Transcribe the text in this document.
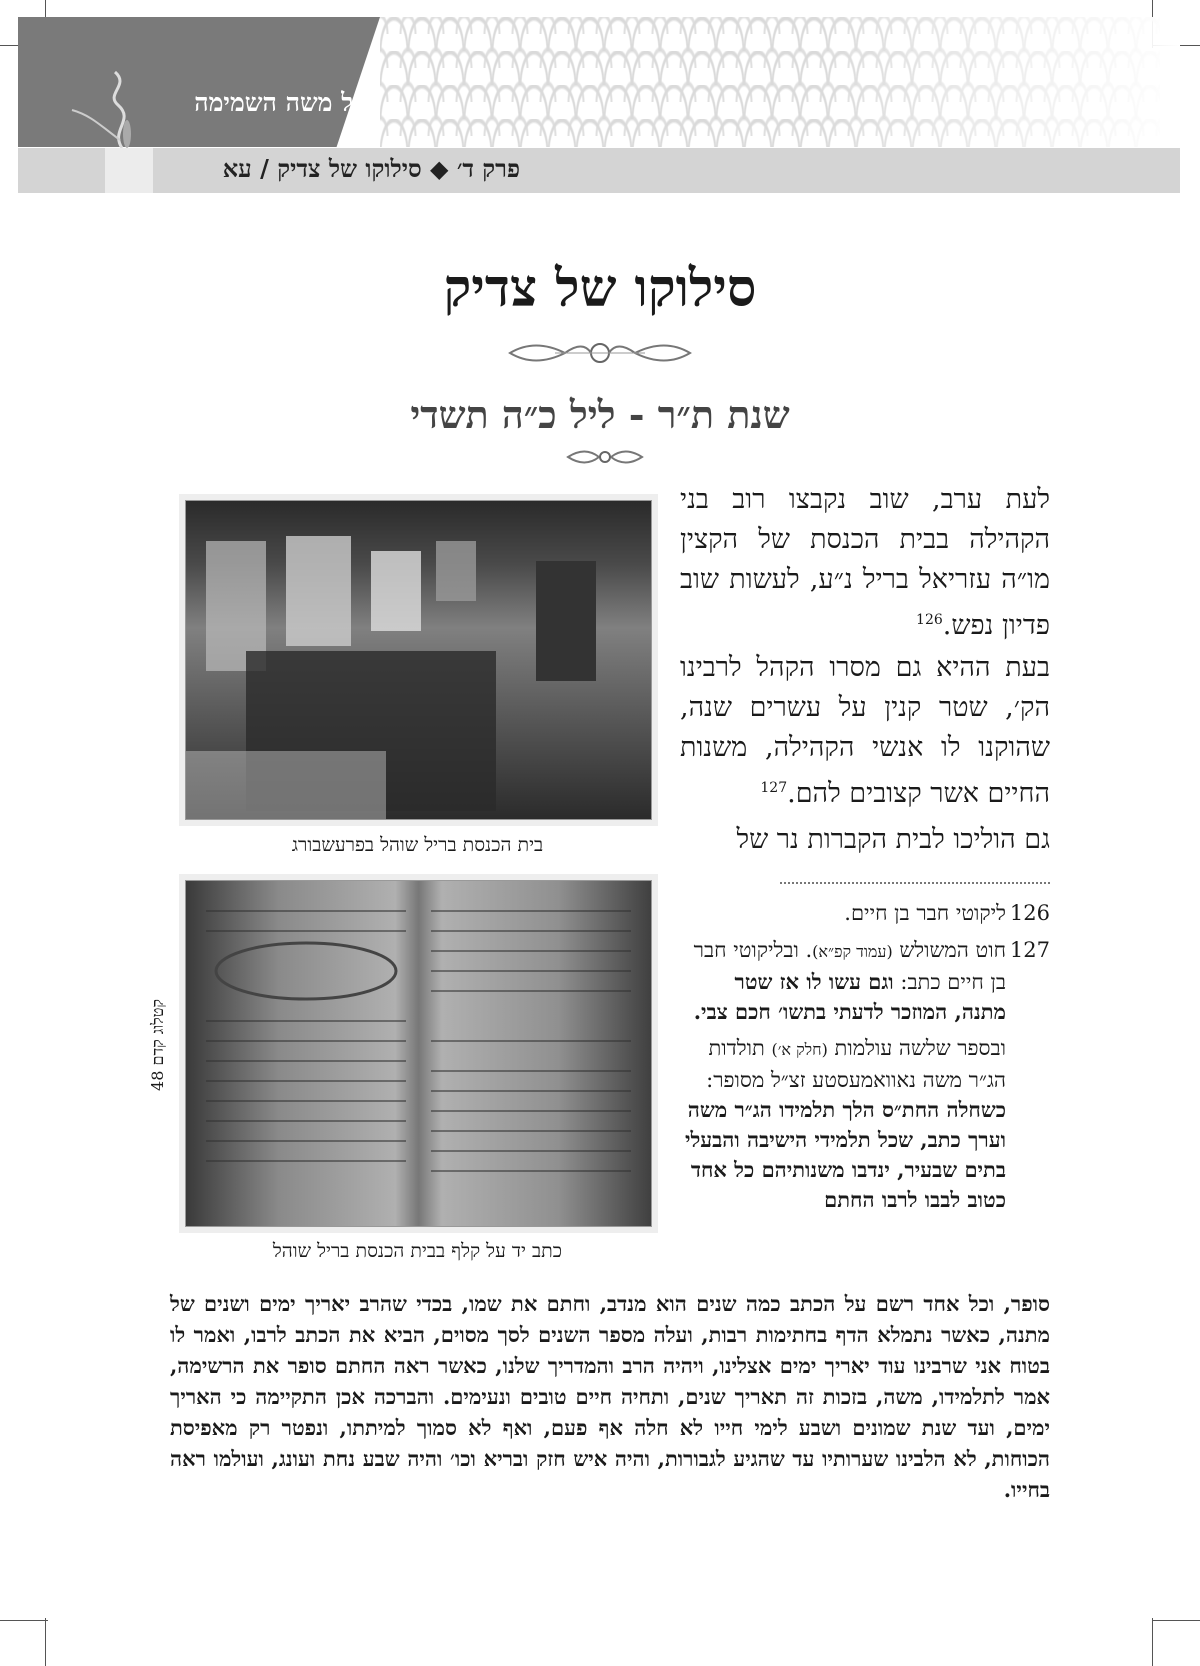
ויעל משה השמימה
פרק ד׳ ◆ סילוקו של צדיק / עא
סילוקו של צדיק
שנת ת״ר - ליל כ״ה תשדי

לעת ערב, שוב נקבצו רוב בני הקהילה בבית הכנסת של הקצין מו״ה עזריאל בריל נ״ע, לעשות שוב פדיון נפש.$^{126}$

בעת ההיא גם מסרו הקהל לרבינו הק׳, שטר קנין על עשרים שנה, שהוקנו לו אנשי הקהילה, משנות החיים אשר קצובים להם.$^{127}$

גם הוליכו לבית הקברות נר של

בית הכנסת בריל שוהל בפרעשבורג
קטלוג קדם 48
כתב יד על קלף בבית הכנסת בריל שוהל
126
ליקוטי חבר בן חיים.
127
חוט המשולש (עמוד קפ״א). ובליקוטי חבר בן חיים כתב: וגם עשו לו אז שטר מתנה, המוזכר לדעתי בתשו׳ חכם צבי.
ובספר שלשה עולמות (חלק א׳) תולדות הג״ר משה נאוואמעסטע זצ״ל מסופר: כשחלה החת״ס הלך תלמידו הג״ר משה וערך כתב, שכל תלמידי הישיבה והבעלי בתים שבעיר, ינדבו משנותיהם כל אחד כטוב לבבו לרבו החתם
סופר, וכל אחד רשם על הכתב כמה שנים הוא מנדב, וחתם את שמו, בכדי שהרב יאריך ימים ושנים של מתנה, כאשר נתמלא הדף בחתימות רבות, ועלה מספר השנים לסך מסוים, הביא את הכתב לרבו, ואמר לו בטוח אני שרבינו עוד יאריך ימים אצלינו, ויהיה הרב והמדריך שלנו, כאשר ראה החתם סופר את הרשימה, אמר לתלמידו, משה, בזכות זה תאריך שנים, ותחיה חיים טובים ונעימים. והברכה אכן התקיימה כי האריך ימים, ועד שנת שמונים ושבע לימי חייו לא חלה אף פעם, ואף לא סמוך למיתתו, ונפטר רק מאפיסת הכוחות, לא הלבינו שערותיו עד שהגיע לגבורות, והיה איש חזק ובריא וכו׳ והיה שבע נחת ועונג, ועולמו ראה בחייו.
